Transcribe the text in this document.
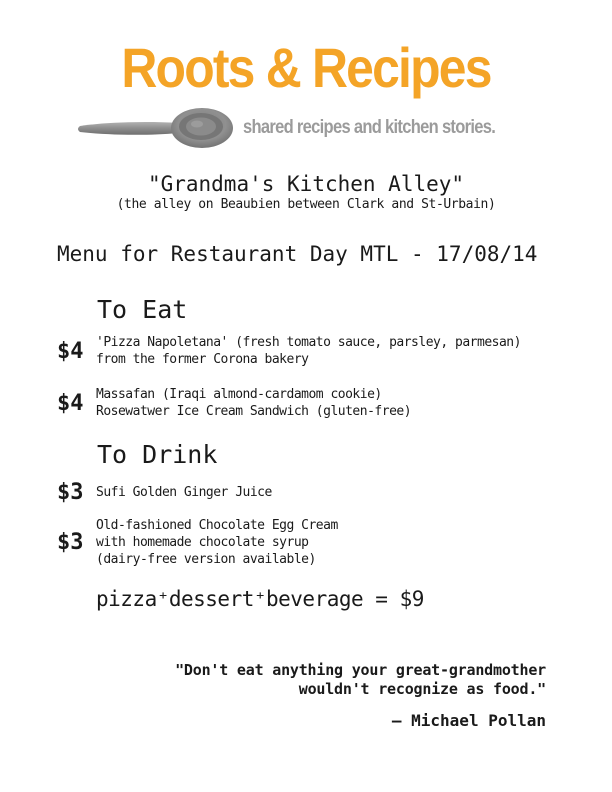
Roots & Recipes
shared recipes and kitchen stories.
"Grandma's Kitchen Alley"
(the alley on Beaubien between Clark and St-Urbain)
Menu for Restaurant Day MTL - 17/08/14
To Eat
$4 'Pizza Napoletana' (fresh tomato sauce, parsley, parmesan)
from the former Corona bakery
$4 Massafan (Iraqi almond-cardamom cookie)
Rosewatwer Ice Cream Sandwich (gluten-free)
To Drink
$3 Sufi Golden Ginger Juice
$3
Old-fashioned Chocolate Egg Cream
with homemade chocolate syrup
(dairy-free version available)
pizza⁺dessert⁺beverage = $9
"Don't eat anything your great-grandmother
wouldn't recognize as food."
— Michael Pollan
